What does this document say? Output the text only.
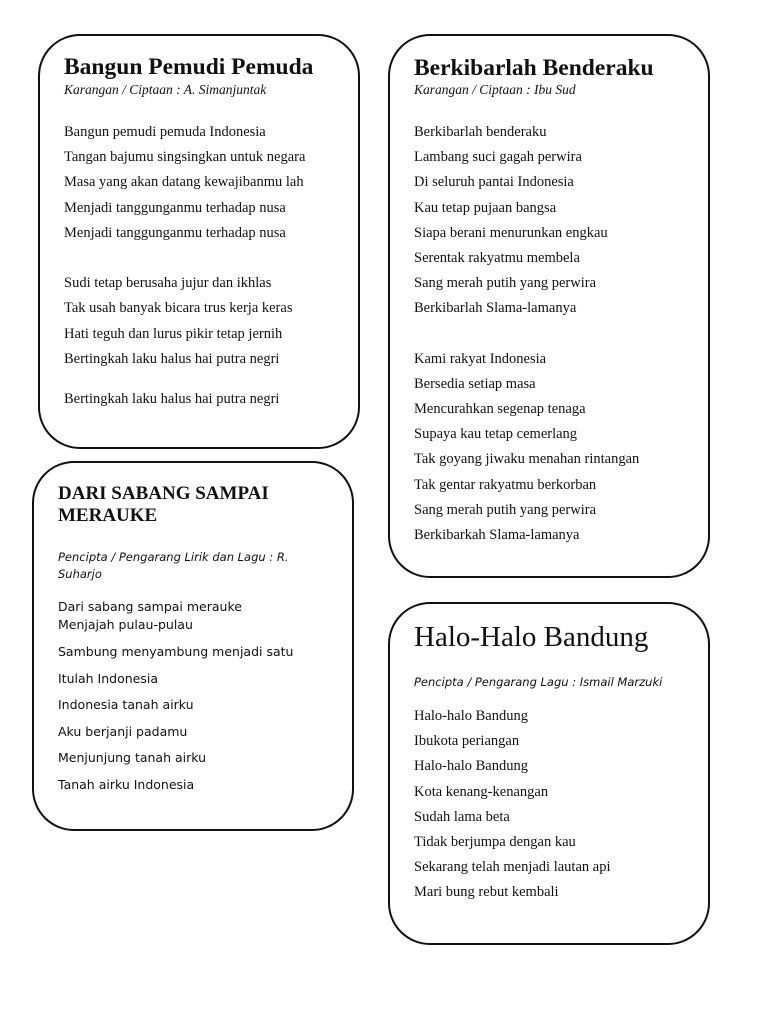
Bangun Pemudi Pemuda
Karangan / Ciptaan : A. Simanjuntak
Bangun pemudi pemuda Indonesia
Tangan bajumu singsingkan untuk negara
Masa yang akan datang kewajibanmu lah
Menjadi tanggunganmu terhadap nusa
Menjadi tanggunganmu terhadap nusa
Sudi tetap berusaha jujur dan ikhlas
Tak usah banyak bicara trus kerja keras
Hati teguh dan lurus pikir tetap jernih
Bertingkah laku halus hai putra negri
Bertingkah laku halus hai putra negri
Berkibarlah Benderaku
Karangan / Ciptaan : Ibu Sud
Berkibarlah benderaku
Lambang suci gagah perwira
Di seluruh pantai Indonesia
Kau tetap pujaan bangsa
Siapa berani menurunkan engkau
Serentak rakyatmu membela
Sang merah putih yang perwira
Berkibarlah Slama-lamanya
Kami rakyat Indonesia
Bersedia setiap masa
Mencurahkan segenap tenaga
Supaya kau tetap cemerlang
Tak goyang jiwaku menahan rintangan
Tak gentar rakyatmu berkorban
Sang merah putih yang perwira
Berkibarkah Slama-lamanya
DARI SABANG SAMPAI MERAUKE
Pencipta / Pengarang Lirik dan Lagu : R. Suharjo
Dari sabang sampai merauke
Menjajah pulau-pulau
Sambung menyambung menjadi satu
Itulah Indonesia
Indonesia tanah airku
Aku berjanji padamu
Menjunjung tanah airku
Tanah airku Indonesia
Halo-Halo Bandung
Pencipta / Pengarang Lagu : Ismail Marzuki
Halo-halo Bandung
Ibukota periangan
Halo-halo Bandung
Kota kenang-kenangan
Sudah lama beta
Tidak berjumpa dengan kau
Sekarang telah menjadi lautan api
Mari bung rebut kembali
